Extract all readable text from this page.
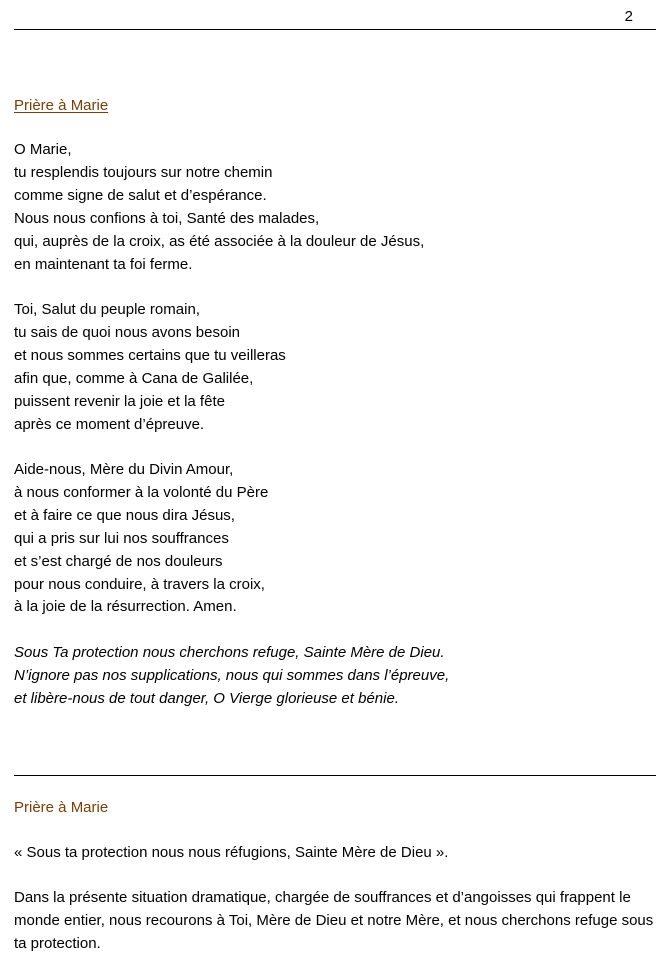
2
Prière à Marie
O Marie,
tu resplendis toujours sur notre chemin
comme signe de salut et d’espérance.
Nous nous confions à toi, Santé des malades,
qui, auprès de la croix, as été associée à la douleur de Jésus,
en maintenant ta foi ferme.
Toi, Salut du peuple romain,
tu sais de quoi nous avons besoin
et nous sommes certains que tu veilleras
afin que, comme à Cana de Galilée,
puissent revenir la joie et la fête
après ce moment d’épreuve.
Aide-nous, Mère du Divin Amour,
à nous conformer à la volonté du Père
et à faire ce que nous dira Jésus,
qui a pris sur lui nos souffrances
et s’est chargé de nos douleurs
pour nous conduire, à travers la croix,
à la joie de la résurrection. Amen.
Sous Ta protection nous cherchons refuge, Sainte Mère de Dieu.
N’ignore pas nos supplications, nous qui sommes dans l’épreuve,
et libère-nous de tout danger, O Vierge glorieuse et bénie.
Prière à Marie

« Sous ta protection nous nous réfugions, Sainte Mère de Dieu ».

Dans la présente situation dramatique, chargée de souffrances et d’angoisses qui frappent le monde entier, nous recourons à Toi, Mère de Dieu et notre Mère, et nous cherchons refuge sous ta protection.
